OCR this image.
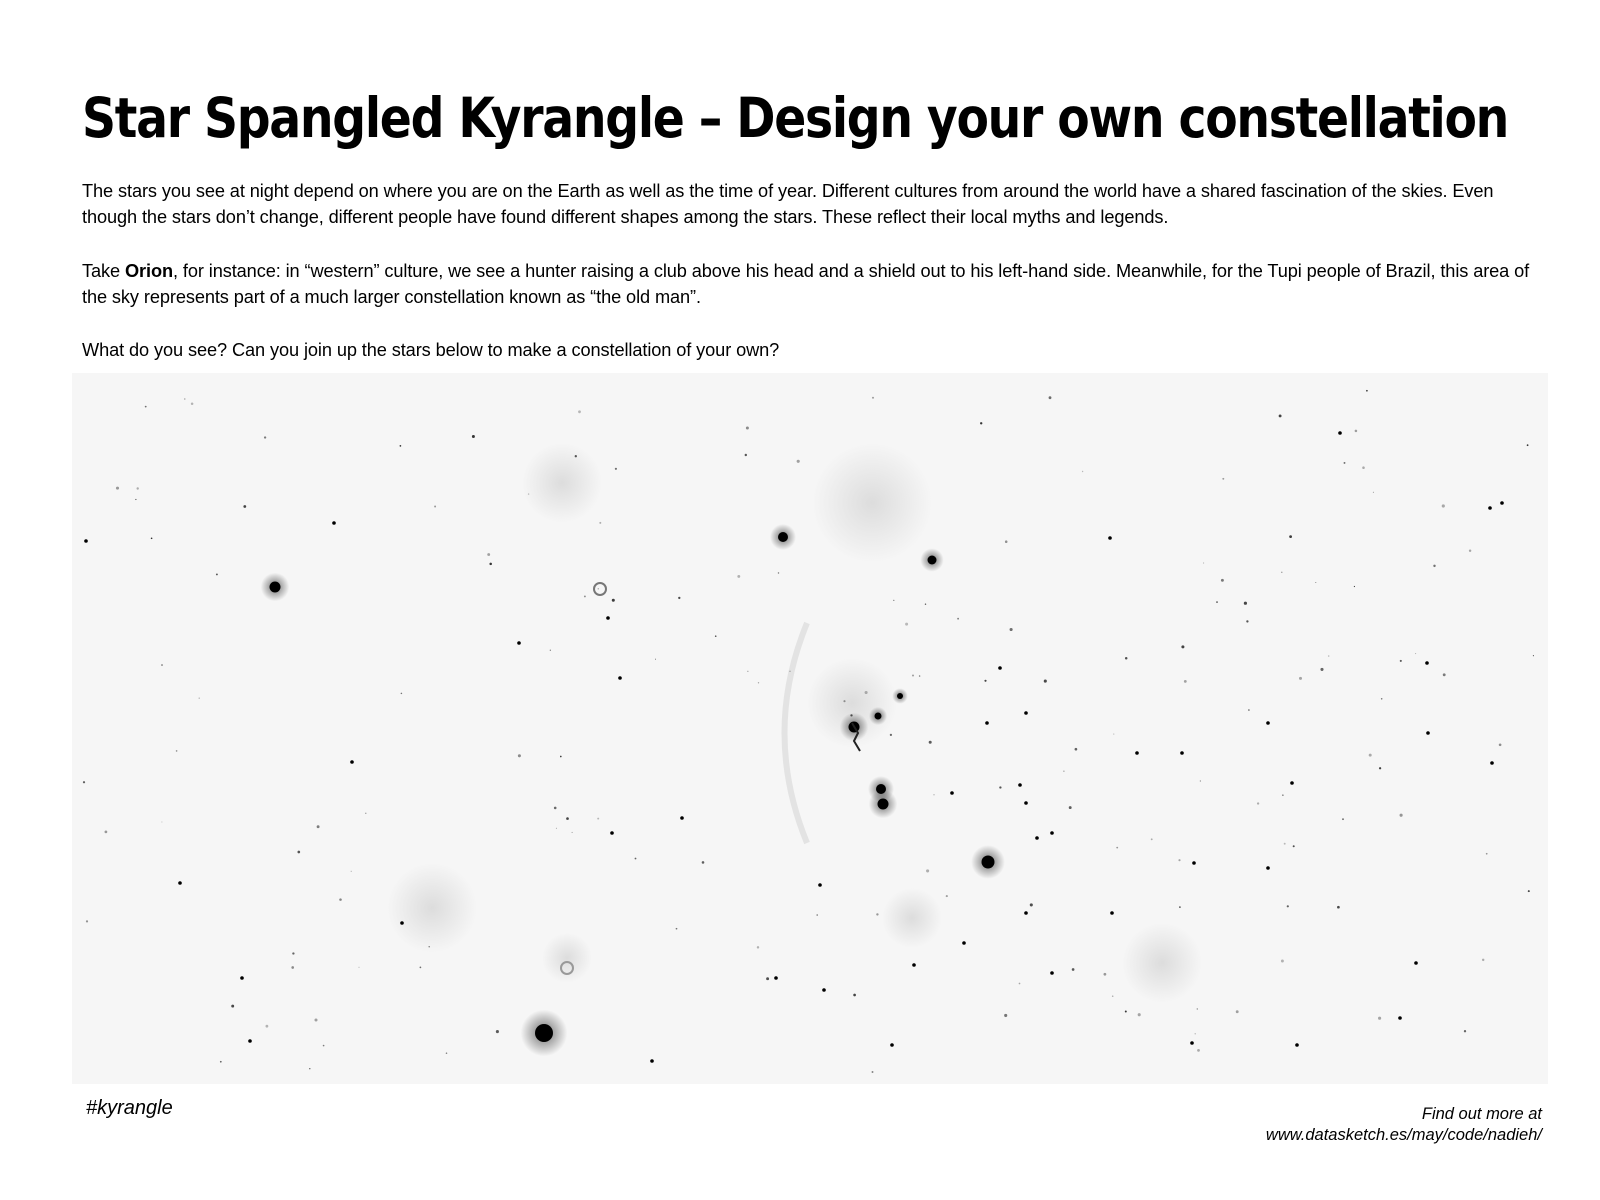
Star Spangled Kyrangle – Design your own constellation

The stars you see at night depend on where you are on the Earth as well as the time of year. Different cultures from around the world have a shared fascination of the skies. Even though the stars don’t change, different people have found different shapes among the stars. These reflect their local myths and legends.

Take Orion, for instance: in “western” culture, we see a hunter raising a club above his head and a shield out to his left-hand side. Meanwhile, for the Tupi people of Brazil, this area of the sky represents part of a much larger constellation known as “the old man”.

What do you see? Can you join up the stars below to make a constellation of your own?

#kyrangle	Find out more at
www.datasketch.es/may/code/nadieh/
